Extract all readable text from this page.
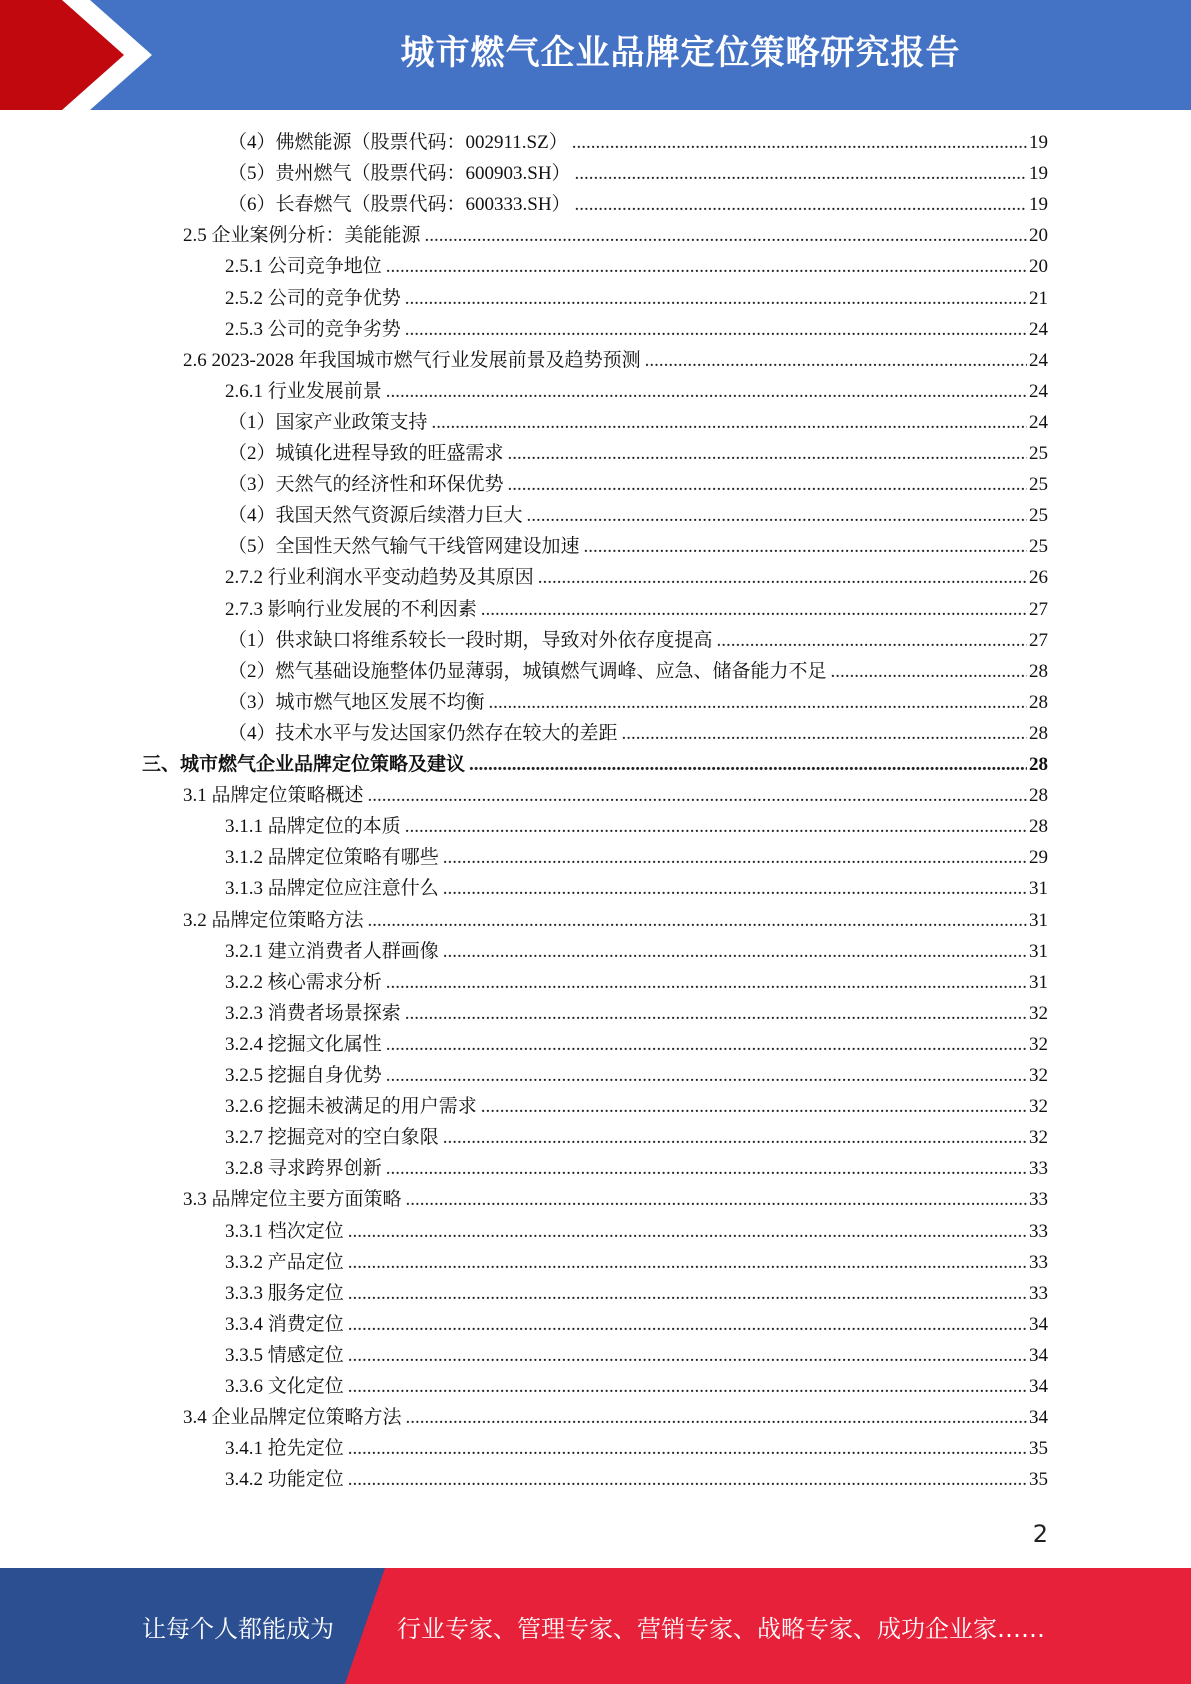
城市燃气企业品牌定位策略研究报告
（4）佛燃能源（股票代码：002911.SZ） .....	19
（5）贵州燃气（股票代码：600903.SH） .....	19
（6）长春燃气（股票代码：600333.SH） .....	19
2.5 企业案例分析：美能能源 .....	20
2.5.1 公司竞争地位 .....	20
2.5.2 公司的竞争优势 .....	21
2.5.3 公司的竞争劣势 .....	24
2.6 2023-2028 年我国城市燃气行业发展前景及趋势预测 .....	24
2.6.1 行业发展前景 .....	24
（1）国家产业政策支持 .....	24
（2）城镇化进程导致的旺盛需求 .....	25
（3）天然气的经济性和环保优势 .....	25
（4）我国天然气资源后续潜力巨大 .....	25
（5）全国性天然气输气干线管网建设加速 .....	25
2.7.2 行业利润水平变动趋势及其原因 .....	26
2.7.3 影响行业发展的不利因素 .....	27
（1）供求缺口将维系较长一段时期，导致对外依存度提高 .....	27
（2）燃气基础设施整体仍显薄弱，城镇燃气调峰、应急、储备能力不足 .....	28
（3）城市燃气地区发展不均衡 .....	28
（4）技术水平与发达国家仍然存在较大的差距 .....	28
三、城市燃气企业品牌定位策略及建议 .....	28
3.1 品牌定位策略概述 .....	28
3.1.1 品牌定位的本质 .....	28
3.1.2 品牌定位策略有哪些 .....	29
3.1.3 品牌定位应注意什么 .....	31
3.2 品牌定位策略方法 .....	31
3.2.1 建立消费者人群画像 .....	31
3.2.2 核心需求分析 .....	31
3.2.3 消费者场景探索 .....	32
3.2.4 挖掘文化属性 .....	32
3.2.5 挖掘自身优势 .....	32
3.2.6 挖掘未被满足的用户需求 .....	32
3.2.7 挖掘竞对的空白象限 .....	32
3.2.8 寻求跨界创新 .....	33
3.3 品牌定位主要方面策略 .....	33
3.3.1 档次定位 .....	33
3.3.2 产品定位 .....	33
3.3.3 服务定位 .....	33
3.3.4 消费定位 .....	34
3.3.5 情感定位 .....	34
3.3.6 文化定位 .....	34
3.4 企业品牌定位策略方法 .....	34
3.4.1 抢先定位 .....	35
3.4.2 功能定位 .....	35
2
让每个人都能成为	行业专家、管理专家、营销专家、战略专家、成功企业家……
